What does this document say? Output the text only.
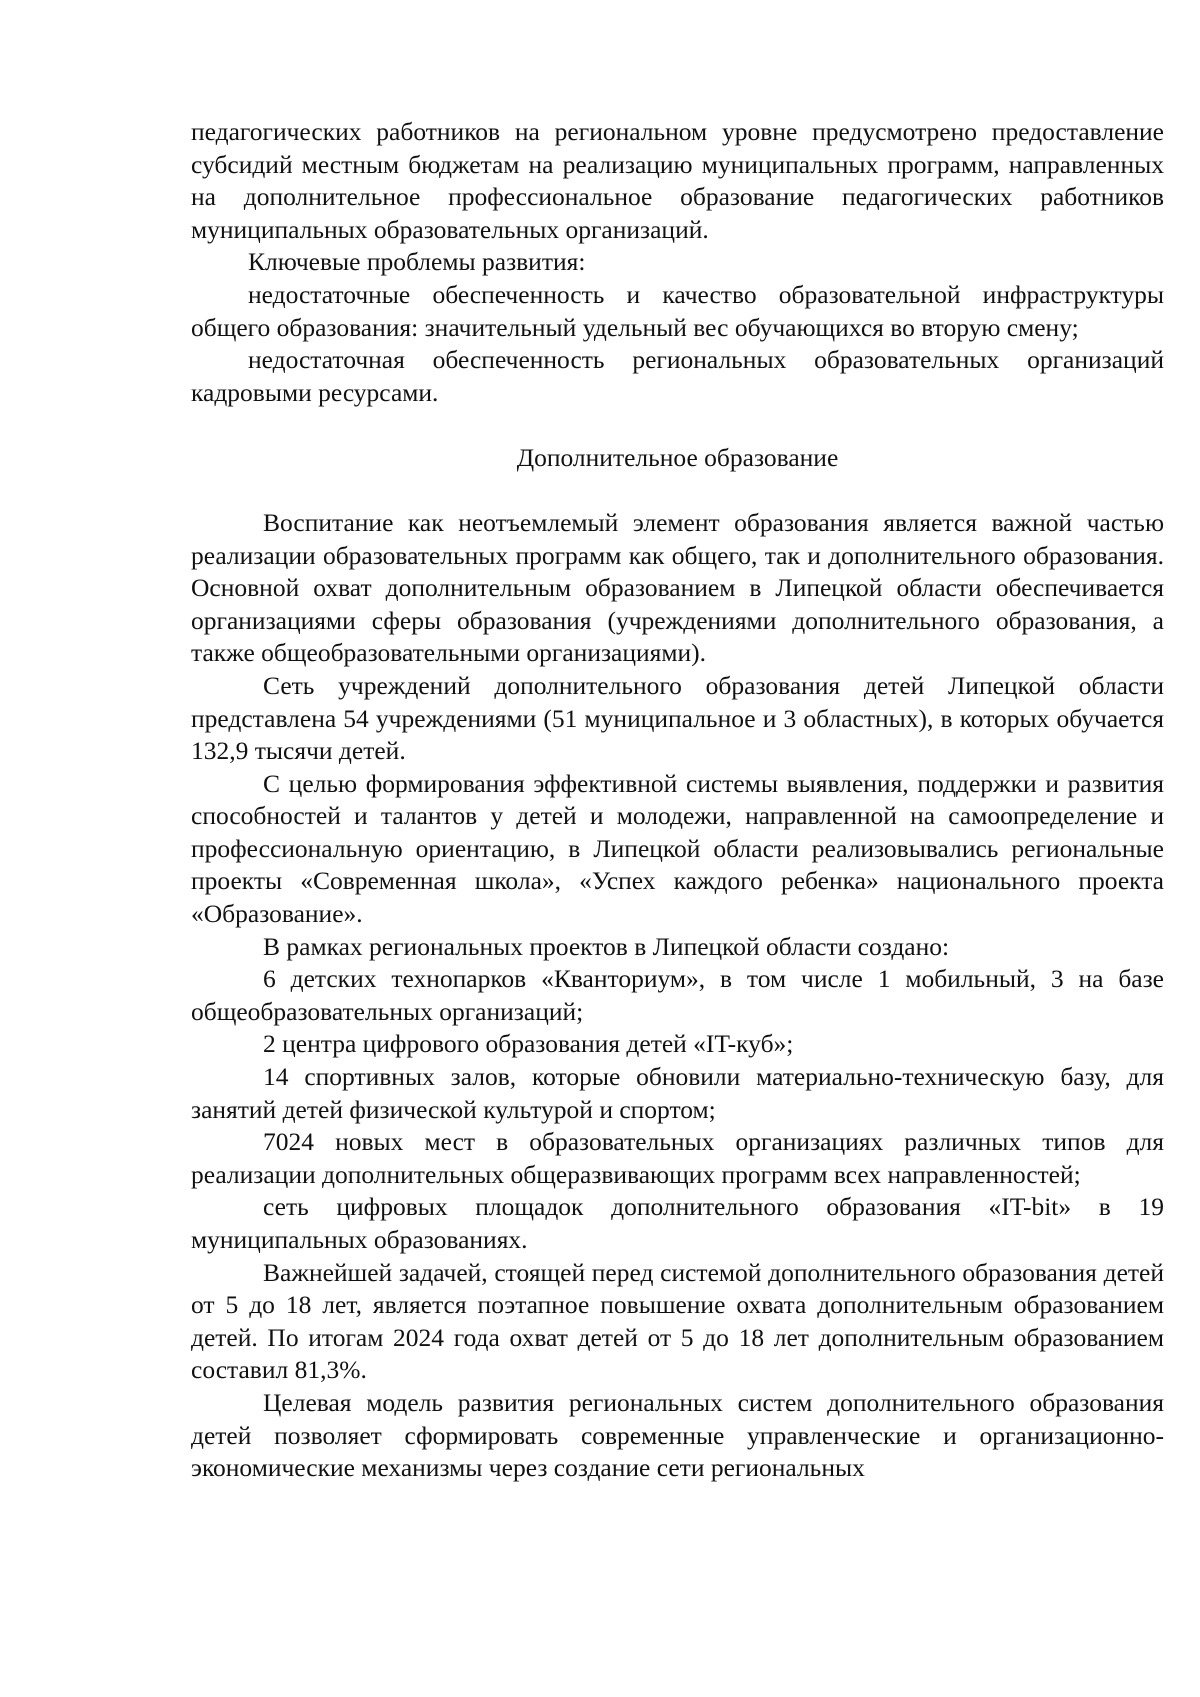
педагогических работников на региональном уровне предусмотрено предоставление субсидий местным бюджетам на реализацию муниципальных программ, направленных на дополнительное профессиональное образование педагогических работников муниципальных образовательных организаций.

Ключевые проблемы развития:

недостаточные обеспеченность и качество образовательной инфраструктуры общего образования: значительный удельный вес обучающихся во вторую смену;

недостаточная обеспеченность региональных образовательных организаций кадровыми ресурсами.

Дополнительное образование

Воспитание как неотъемлемый элемент образования является важной частью реализации образовательных программ как общего, так и дополнительного образования. Основной охват дополнительным образованием в Липецкой области обеспечивается организациями сферы образования (учреждениями дополнительного образования, а также общеобразовательными организациями).

Сеть учреждений дополнительного образования детей Липецкой области представлена 54 учреждениями (51 муниципальное и 3 областных), в которых обучается 132,9 тысячи детей.

С целью формирования эффективной системы выявления, поддержки и развития способностей и талантов у детей и молодежи, направленной на самоопределение и профессиональную ориентацию, в Липецкой области реализовывались региональные проекты «Современная школа», «Успех каждого ребенка» национального проекта «Образование».

В рамках региональных проектов в Липецкой области создано:

6 детских технопарков «Кванториум», в том числе 1 мобильный, 3 на базе общеобразовательных организаций;

2 центра цифрового образования детей «IT-куб»;

14 спортивных залов, которые обновили материально-техническую базу, для занятий детей физической культурой и спортом;

7024 новых мест в образовательных организациях различных типов для реализации дополнительных общеразвивающих программ всех направленностей;

сеть цифровых площадок дополнительного образования «IT-bit» в 19 муниципальных образованиях.

Важнейшей задачей, стоящей перед системой дополнительного образования детей от 5 до 18 лет, является поэтапное повышение охвата дополнительным образованием детей. По итогам 2024 года охват детей от 5 до 18 лет дополнительным образованием составил 81,3%.

Целевая модель развития региональных систем дополнительного образования детей позволяет сформировать современные управленческие и организационно-экономические механизмы через создание сети региональных
